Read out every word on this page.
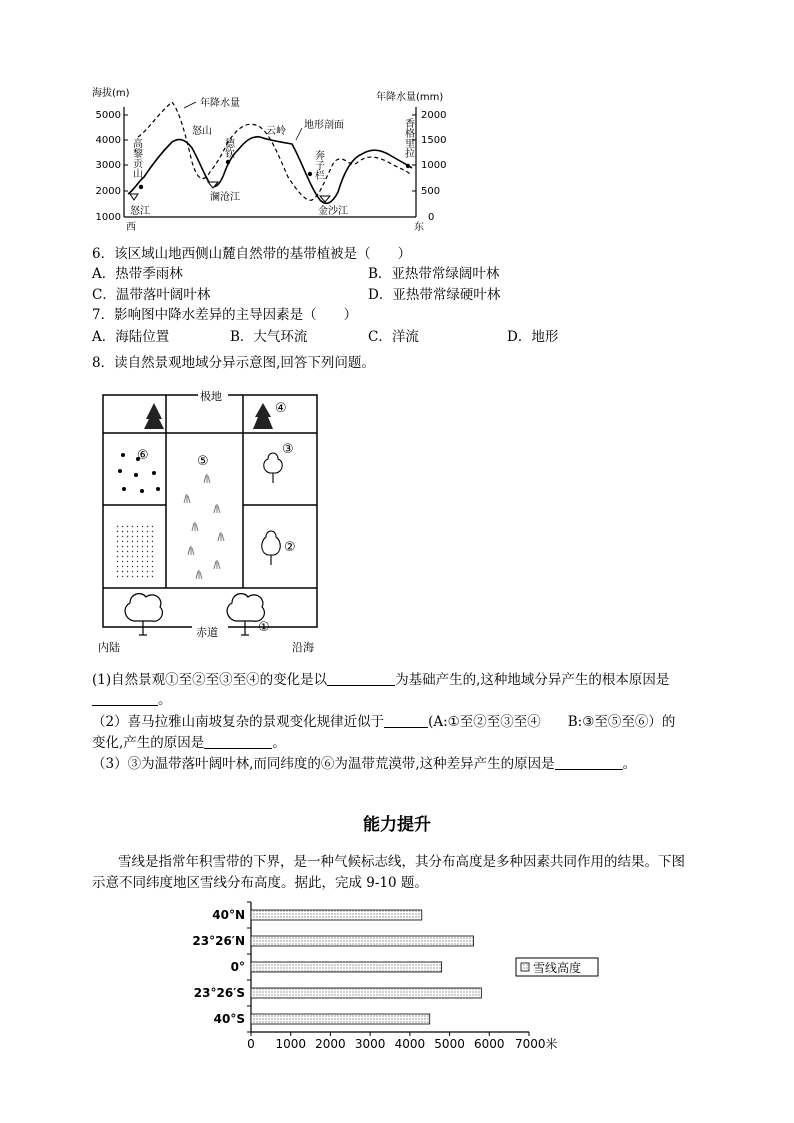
海拔(m)	年降水量(mm)
5000
4000
3000
2000
1000
2000
1500
1000
500
0
西	东
年降水量
地形剖面
怒山	云岭
怒江
澜沧江
金沙江
高黎贡山	德钦
奔子栏
香格里拉
6．该区域山地西侧山麓自然带的基带植被是（　　）
A．热带季雨林	B．亚热带常绿阔叶林
C．温带落叶阔叶林	D．亚热带常绿硬叶林
7．影响图中降水差异的主导因素是（　　）
A．海陆位置	B．大气环流	C．洋流	D．地形
8．读自然景观地域分异示意图,回答下列问题。
极地
④
⑥	⑤
③
②
赤道	①
内陆	沿海
(1)自然景观①至②至③至④的变化是以	为基础产生的,这种地域分异产生的根本原因是
。
（2）喜马拉雅山南坡复杂的景观变化规律近似于	(A:①至②至③至④　　B:③至⑤至⑥）的
变化,产生的原因是	。
（3）③为温带落叶阔叶林,而同纬度的⑥为温带荒漠带,这种差异产生的原因是	。
能力提升
雪线是指常年积雪带的下界，是一种气候标志线，其分布高度是多种因素共同作用的结果。下图
示意不同纬度地区雪线分布高度。据此，完成 9-10 题。
40°N
23°26′N
0°
23°26′S
40°S
0 1000 2000 3000 4000 5000 6000 7000米
雪线高度
